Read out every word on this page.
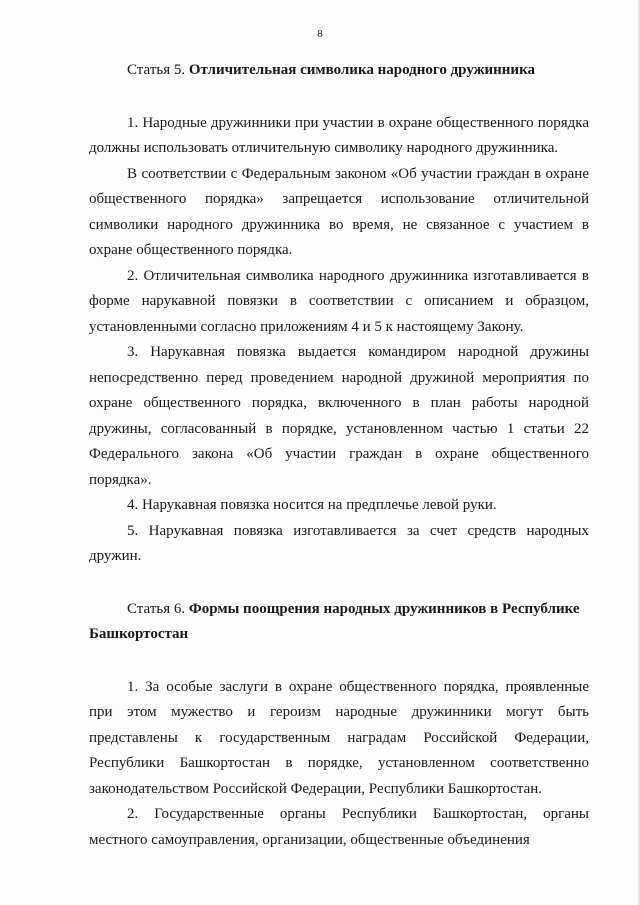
8
Статья 5. Отличительная символика народного дружинника

1. Народные дружинники при участии в охране общественного порядка должны использовать отличительную символику народного дружинника.

В соответствии с Федеральным законом «Об участии граждан в охране общественного порядка» запрещается использование отличительной символики народного дружинника во время, не связанное с участием в охране общественного порядка.

2. Отличительная символика народного дружинника изготавливается в форме нарукавной повязки в соответствии с описанием и образцом, установленными согласно приложениям 4 и 5 к настоящему Закону.

3. Нарукавная повязка выдается командиром народной дружины непосредственно перед проведением народной дружиной мероприятия по охране общественного порядка, включенного в план работы народной дружины, согласованный в порядке, установленном частью 1 статьи 22 Федерального закона «Об участии граждан в охране общественного порядка».

4. Нарукавная повязка носится на предплечье левой руки.

5. Нарукавная повязка изготавливается за счет средств народных дружин.

Статья 6. Формы поощрения народных дружинников в Республике Башкортостан

1. За особые заслуги в охране общественного порядка, проявленные при этом мужество и героизм народные дружинники могут быть представлены к государственным наградам Российской Федерации, Республики Башкортостан в порядке, установленном соответственно законодательством Российской Федерации, Республики Башкортостан.

2. Государственные органы Республики Башкортостан, органы местного самоуправления, организации, общественные объединения
